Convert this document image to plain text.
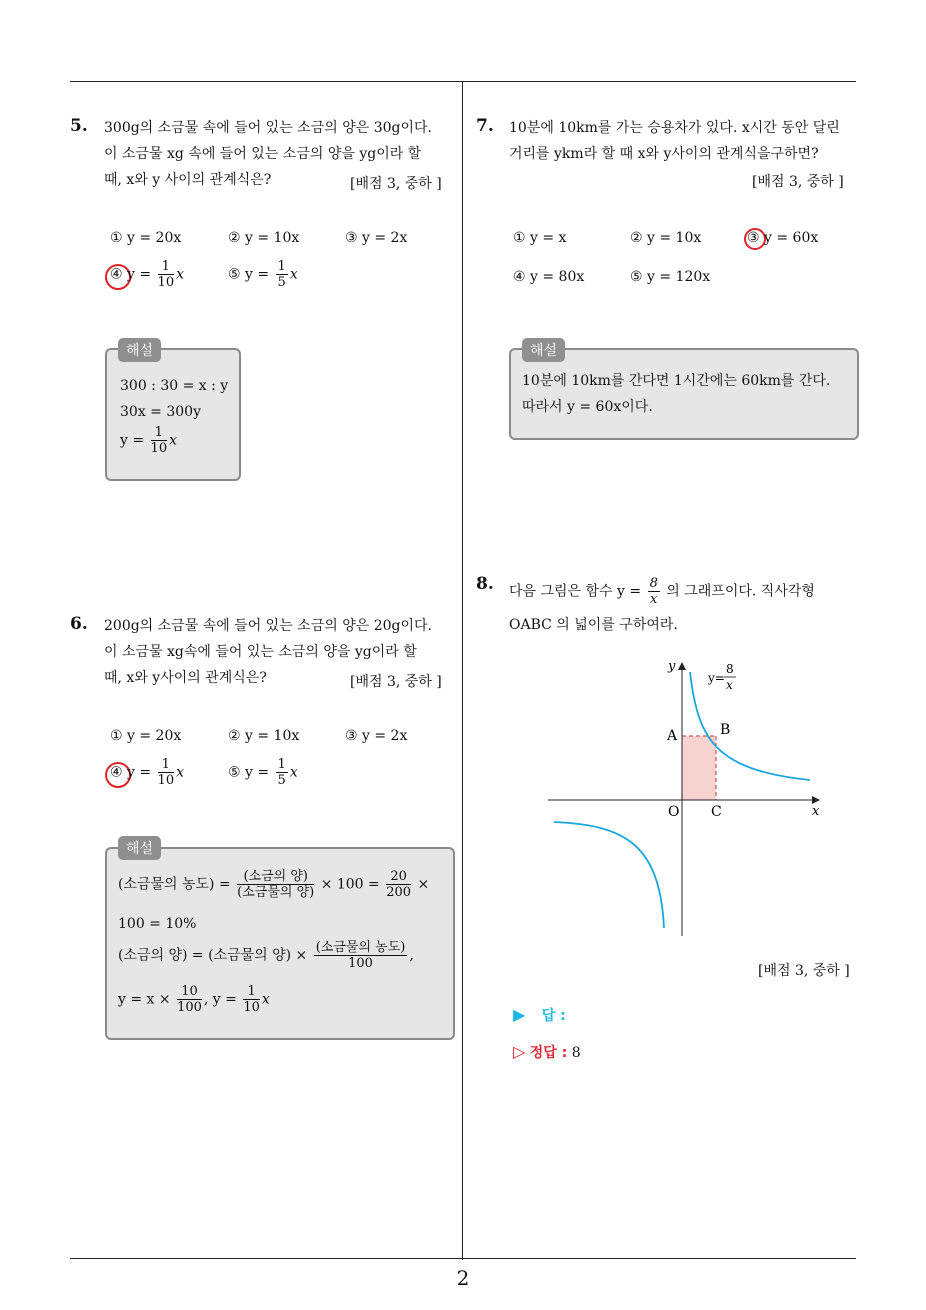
2
5. 300g의 소금물 속에 들어 있는 소금의 양은 30g이다.
이 소금물 xg 속에 들어 있는 소금의 양을 yg이라 할
때, x와 y 사이의 관계식은?	[배점 3, 중하 ]
① y = 20x	② y = 10x	③ y = 2x
④ $y = \frac{1}{10}$ x	⑤ $y = \frac{1}{5}$ x
해설
300 : 30 = x : y
30x = 300y
$y = \frac{1}{10}$ x
6. 200g의 소금물 속에 들어 있는 소금의 양은 20g이다.
이 소금물 xg속에 들어 있는 소금의 양을 yg이라 할
때, x와 y사이의 관계식은?	[배점 3, 중하 ]
① y = 20x	② y = 10x	③ y = 2x
④ $y = \frac{1}{10}$ x	⑤ $y = \frac{1}{5}$ x
해설
(소금물의 농도) = $\frac{\text{(소금의 양)}}{\text{(소금물의 양)}} \times 100 = \frac{20}{200}$ ×
100 = 10%
(소금의 양) = (소금물의 양) × $\frac{\text{(소금물의 농도)}}{100}$ ,
$y = x \times \frac{10}{100}$ , $y = \frac{1}{10}$ x
7. 10분에 10km를 가는 승용차가 있다. x시간 동안 달린
거리를 ykm라 할 때 x와 y사이의 관계식을구하면?
[배점 3, 중하 ]
① y = x	② y = 10x	③ y = 60x
④ y = 80x	⑤ y = 120x
해설
10분에 10km를 간다면 1시간에는 60km를 간다.
따라서 y = 60x이다.
8. 다음 그림은 함수 $y = \frac{8}{x}$ 의 그래프이다. 직사각형
OABC 의 넓이를 구하여라.
y
x
O
A	B
C
y=
8
x
[배점 3, 중하 ]
▶ 답 :
▷ 정답 : 8
